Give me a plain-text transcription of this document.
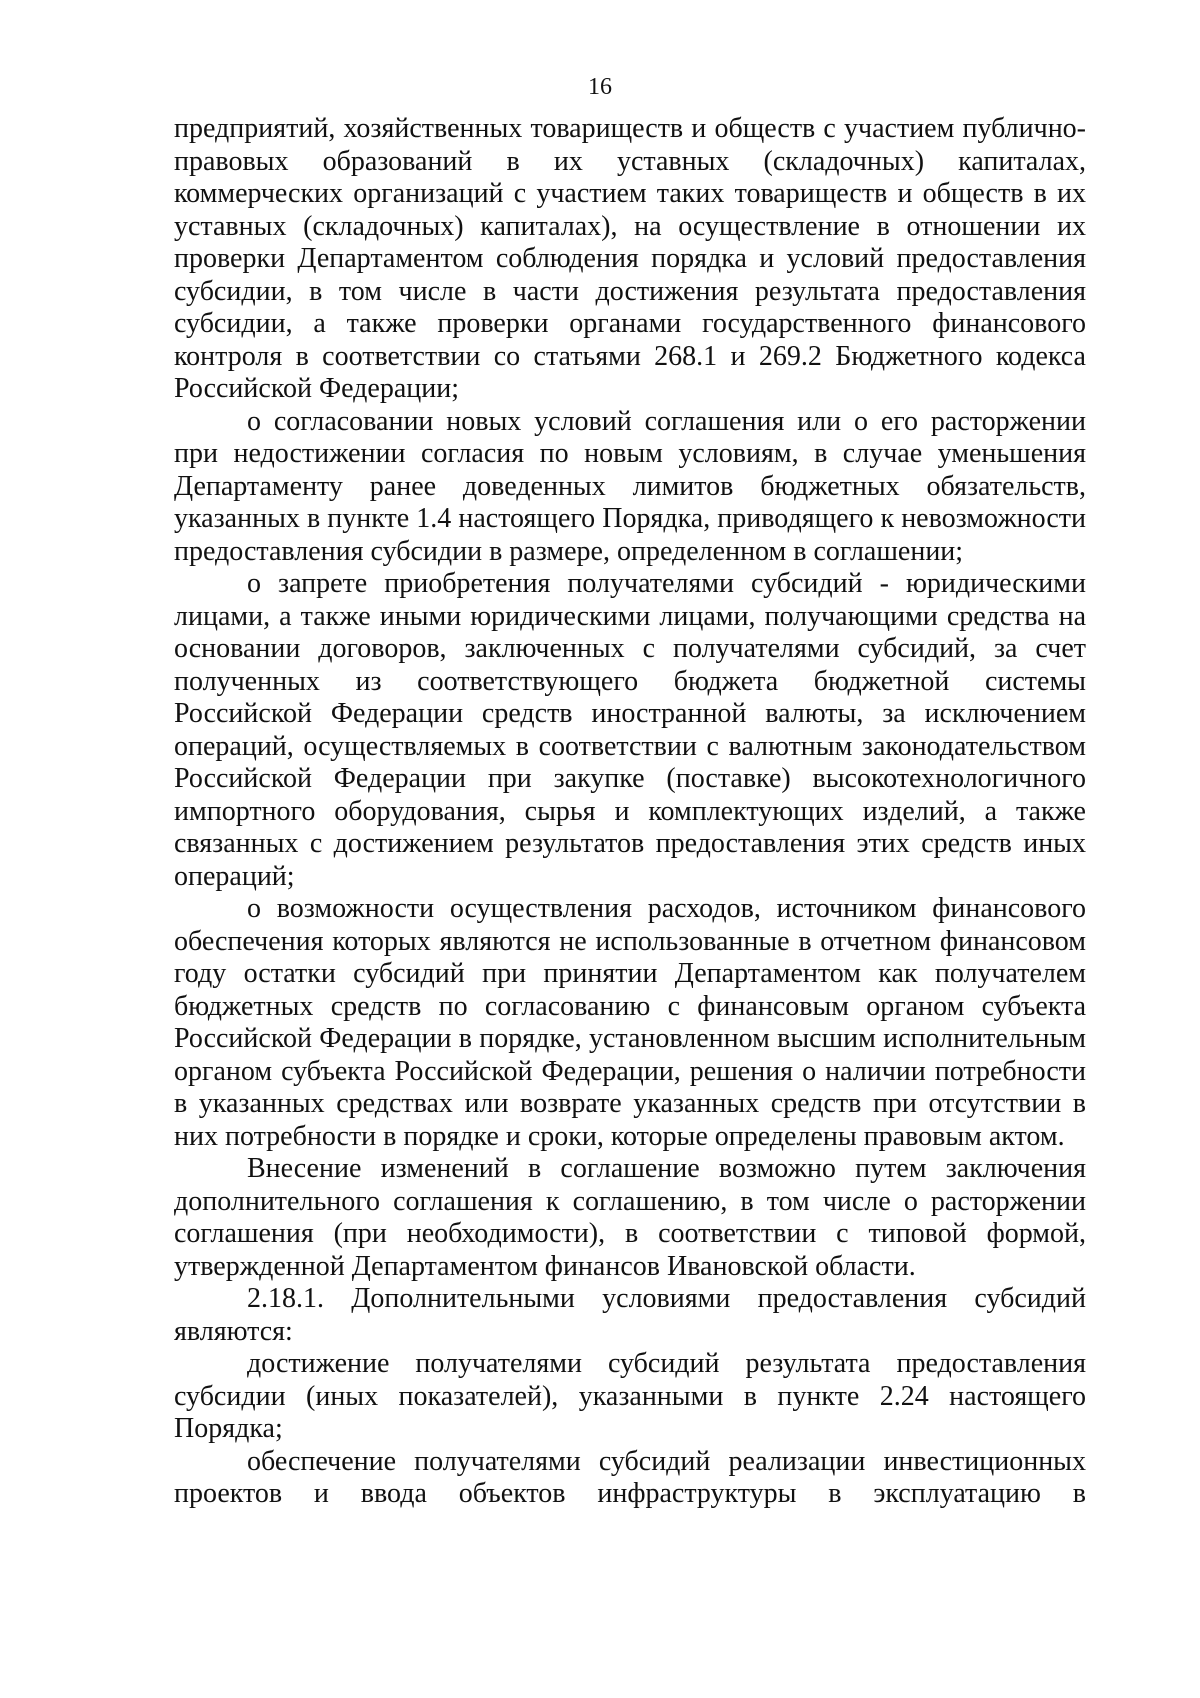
16

предприятий, хозяйственных товариществ и обществ с участием публично-правовых образований в их уставных (складочных) капиталах, коммерческих организаций с участием таких товариществ и обществ в их уставных (складочных) капиталах), на осуществление в отношении их проверки Департаментом соблюдения порядка и условий предоставления субсидии, в том числе в части достижения результата предоставления субсидии, а также проверки органами государственного финансового контроля в соответствии со статьями 268.1 и 269.2 Бюджетного кодекса Российской Федерации;

о согласовании новых условий соглашения или о его расторжении при недостижении согласия по новым условиям, в случае уменьшения Департаменту ранее доведенных лимитов бюджетных обязательств, указанных в пункте 1.4 настоящего Порядка, приводящего к невозможности предоставления субсидии в размере, определенном в соглашении;

о запрете приобретения получателями субсидий - юридическими лицами, а также иными юридическими лицами, получающими средства на основании договоров, заключенных с получателями субсидий, за счет полученных из соответствующего бюджета бюджетной системы Российской Федерации средств иностранной валюты, за исключением операций, осуществляемых в соответствии с валютным законодательством Российской Федерации при закупке (поставке) высокотехнологичного импортного оборудования, сырья и комплектующих изделий, а также связанных с достижением результатов предоставления этих средств иных операций;

о возможности осуществления расходов, источником финансового обеспечения которых являются не использованные в отчетном финансовом году остатки субсидий при принятии Департаментом как получателем бюджетных средств по согласованию с финансовым органом субъекта Российской Федерации в порядке, установленном высшим исполнительным органом субъекта Российской Федерации, решения о наличии потребности в указанных средствах или возврате указанных средств при отсутствии в них потребности в порядке и сроки, которые определены правовым актом.

Внесение изменений в соглашение возможно путем заключения дополнительного соглашения к соглашению, в том числе о расторжении соглашения (при необходимости), в соответствии с типовой формой, утвержденной Департаментом финансов Ивановской области.

2.18.1. Дополнительными условиями предоставления субсидий являются:

достижение получателями субсидий результата предоставления субсидии (иных показателей), указанными в пункте 2.24 настоящего Порядка;

обеспечение получателями субсидий реализации инвестиционных проектов и ввода объектов инфраструктуры в эксплуатацию в
